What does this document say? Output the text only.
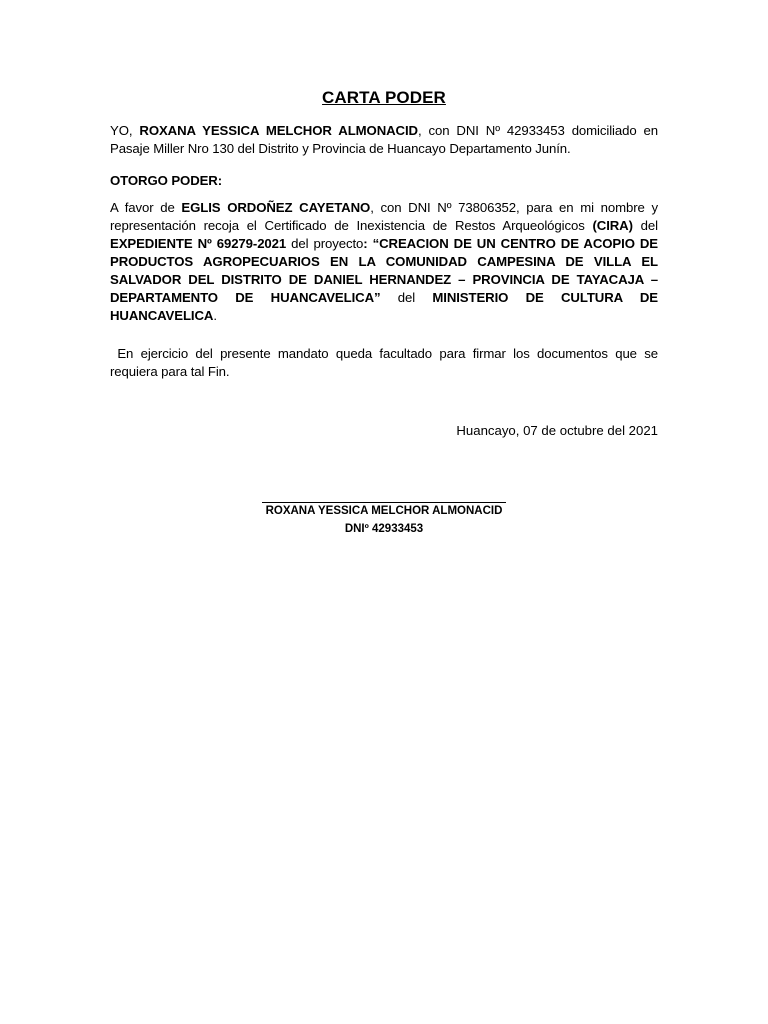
CARTA PODER
YO, ROXANA YESSICA MELCHOR ALMONACID, con DNI Nº 42933453 domiciliado en Pasaje Miller Nro 130 del Distrito y Provincia de Huancayo Departamento Junín.
OTORGO PODER:
A favor de EGLIS ORDOÑEZ CAYETANO, con DNI Nº 73806352, para en mi nombre y representación recoja el Certificado de Inexistencia de Restos Arqueológicos (CIRA) del EXPEDIENTE Nº 69279-2021 del proyecto: “CREACION DE UN CENTRO DE ACOPIO DE PRODUCTOS AGROPECUARIOS EN LA COMUNIDAD CAMPESINA DE VILLA EL SALVADOR DEL DISTRITO DE DANIEL HERNANDEZ – PROVINCIA DE TAYACAJA – DEPARTAMENTO DE HUANCAVELICA” del MINISTERIO DE CULTURA DE HUANCAVELICA.
En ejercicio del presente mandato queda facultado para firmar los documentos que se requiera para tal Fin.
Huancayo, 07 de octubre del 2021
ROXANA YESSICA MELCHOR ALMONACID
DNIº 42933453
